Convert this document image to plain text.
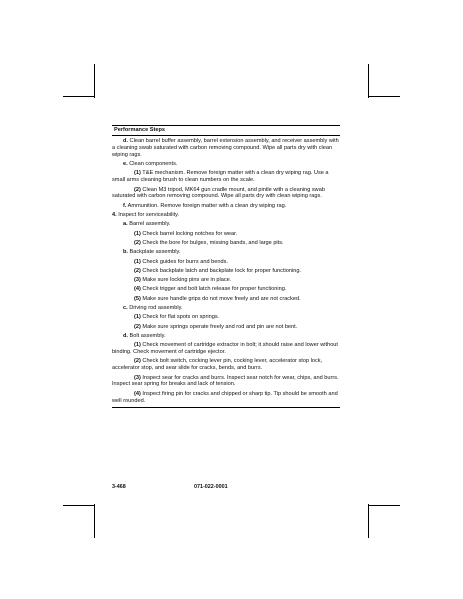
Performance Steps
d. Clean barrel buffer assembly, barrel extension assembly, and receiver assembly with a cleaning swab saturated with carbon removing compound. Wipe all parts dry with clean wiping rags.
e. Clean components.
(1) T&E mechanism. Remove foreign matter with a clean dry wiping rag. Use a small arms cleaning brush to clean numbers on the scale.
(2) Clean M3 tripod, MK64 gun cradle mount, and pintle with a cleaning swab saturated with carbon removing compound. Wipe all parts dry with clean wiping rags.
f. Ammunition. Remove foreign matter with a clean dry wiping rag.
4. Inspect for serviceability.
a. Barrel assembly.
(1) Check barrel locking notches for wear.
(2) Check the bore for bulges, missing bands, and large pits.
b. Backplate assembly.
(1) Check guides for burrs and bends.
(2) Check backplate latch and backplate lock for proper functioning.
(3) Make sure locking pins are in place.
(4) Check trigger and bolt latch release for proper functioning.
(5) Make sure handle grips do not move freely and are not cracked.
c. Driving rod assembly.
(1) Check for flat spots on springs.
(2) Make sure springs operate freely and rod and pin are not bent.
d. Bolt assembly.
(1) Check movement of cartridge extractor in bolt; it should raise and lower without binding. Check movement of cartridge ejector.
(2) Check bolt switch, cocking lever pin, cocking lever, accelerator stop lock, accelerator stop, and sear slide for cracks, bends, and burrs.
(3) Inspect sear for cracks and burrs. Inspect sear notch for wear, chips, and burrs. Inspect sear spring for breaks and lack of tension.
(4) Inspect firing pin for cracks and chipped or sharp tip. Tip should be smooth and well rounded.
3-468	071-022-0001
